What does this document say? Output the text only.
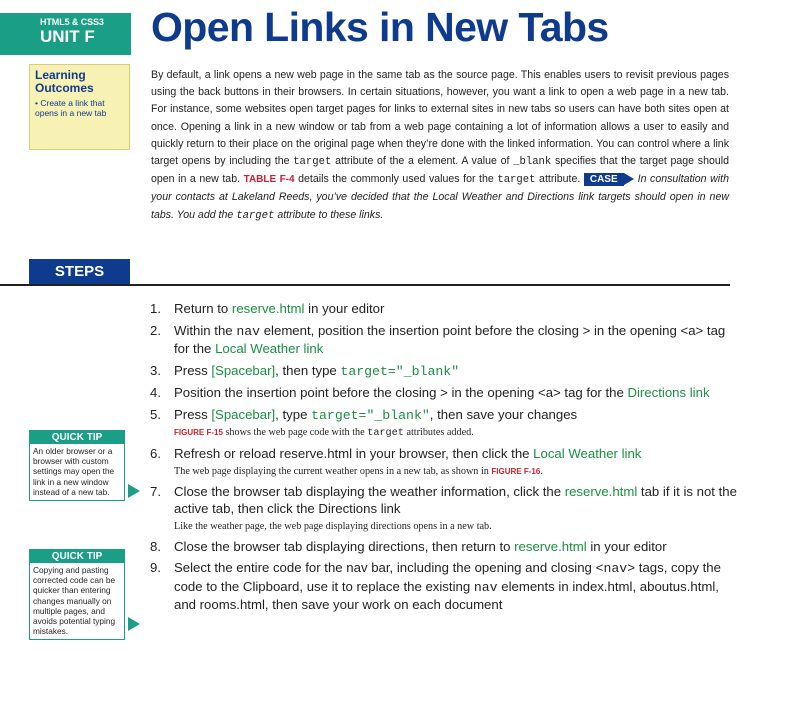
HTML5 & CSS3
UNIT F	Open Links in New Tabs
Learning
Outcomes
• Create a link that opens in a new tab

By default, a link opens a new web page in the same tab as the source page. This enables users to revisit previous pages using the back buttons in their browsers. In certain situations, however, you want a link to open a web page in a new tab. For instance, some websites open target pages for links to external sites in new tabs so users can have both sites open at once. Opening a link in a new window or tab from a web page containing a lot of information allows a user to easily and quickly return to their place on the original page when they’re done with the linked information. You can control where a link target opens by including the target attribute of the a element. A value of _blank specifies that the target page should open in a new tab. TABLE F-4 details the commonly used values for the target attribute. CASE In consultation with your contacts at Lakeland Reeds, you’ve decided that the Local Weather and Directions link targets should open in new tabs. You add the target attribute to these links.

STEPS
1. Return to reserve.html in your editor
2. Within the nav element, position the insertion point before the closing > in the opening <a> tag for the Local Weather link
3. Press [Spacebar], then type target="_blank"
4. Position the insertion point before the closing > in the opening <a> tag for the Directions link
5. Press [Spacebar], type target="_blank", then save your changes
FIGURE F-15 shows the web page code with the target attributes added.
6. Refresh or reload reserve.html in your browser, then click the Local Weather link
The web page displaying the current weather opens in a new tab, as shown in FIGURE F-16.
7. Close the browser tab displaying the weather information, click the reserve.html tab if it is not the active tab, then click the Directions link
Like the weather page, the web page displaying directions opens in a new tab.
8. Close the browser tab displaying directions, then return to reserve.html in your editor
9. Select the entire code for the nav bar, including the opening and closing <nav> tags, copy the code to the Clipboard, use it to replace the existing nav elements in index.html, aboutus.html, and rooms.html, then save your work on each document
QUICK TIP
An older browser or a browser with custom settings may open the link in a new window instead of a new tab.
QUICK TIP
Copying and pasting corrected code can be quicker than entering changes manually on multiple pages, and avoids potential typing mistakes.
